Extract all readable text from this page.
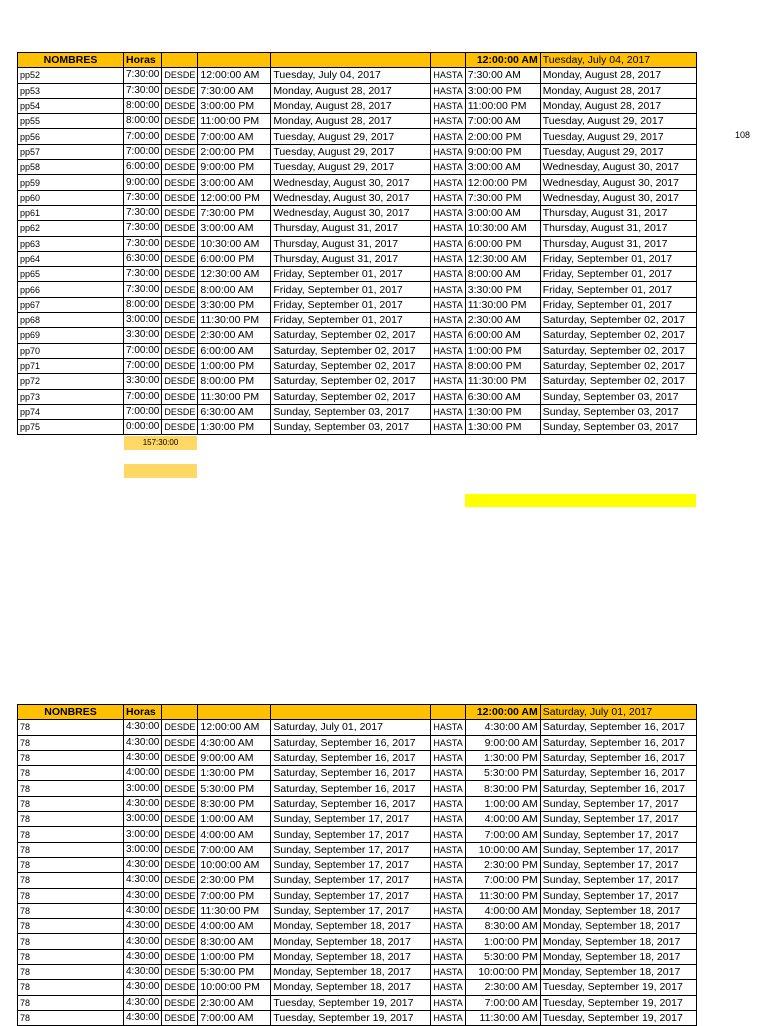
NOMBRES	Horas					12:00:00 AM	Tuesday, July 04, 2017
pp52	7:30:00	DESDE	12:00:00 AM	Tuesday, July 04, 2017	HASTA	7:30:00 AM	Monday, August 28, 2017
pp53	7:30:00	DESDE	7:30:00 AM	Monday, August 28, 2017	HASTA	3:00:00 PM	Monday, August 28, 2017
pp54	8:00:00	DESDE	3:00:00 PM	Monday, August 28, 2017	HASTA	11:00:00 PM	Monday, August 28, 2017
pp55	8:00:00	DESDE	11:00:00 PM	Monday, August 28, 2017	HASTA	7:00:00 AM	Tuesday, August 29, 2017
pp56	7:00:00	DESDE	7:00:00 AM	Tuesday, August 29, 2017	HASTA	2:00:00 PM	Tuesday, August 29, 2017
pp57	7:00:00	DESDE	2:00:00 PM	Tuesday, August 29, 2017	HASTA	9:00:00 PM	Tuesday, August 29, 2017
pp58	6:00:00	DESDE	9:00:00 PM	Tuesday, August 29, 2017	HASTA	3:00:00 AM	Wednesday, August 30, 2017
pp59	9:00:00	DESDE	3:00:00 AM	Wednesday, August 30, 2017	HASTA	12:00:00 PM	Wednesday, August 30, 2017
pp60	7:30:00	DESDE	12:00:00 PM	Wednesday, August 30, 2017	HASTA	7:30:00 PM	Wednesday, August 30, 2017
pp61	7:30:00	DESDE	7:30:00 PM	Wednesday, August 30, 2017	HASTA	3:00:00 AM	Thursday, August 31, 2017
pp62	7:30:00	DESDE	3:00:00 AM	Thursday, August 31, 2017	HASTA	10:30:00 AM	Thursday, August 31, 2017
pp63	7:30:00	DESDE	10:30:00 AM	Thursday, August 31, 2017	HASTA	6:00:00 PM	Thursday, August 31, 2017
pp64	6:30:00	DESDE	6:00:00 PM	Thursday, August 31, 2017	HASTA	12:30:00 AM	Friday, September 01, 2017
pp65	7:30:00	DESDE	12:30:00 AM	Friday, September 01, 2017	HASTA	8:00:00 AM	Friday, September 01, 2017
pp66	7:30:00	DESDE	8:00:00 AM	Friday, September 01, 2017	HASTA	3:30:00 PM	Friday, September 01, 2017
pp67	8:00:00	DESDE	3:30:00 PM	Friday, September 01, 2017	HASTA	11:30:00 PM	Friday, September 01, 2017
pp68	3:00:00	DESDE	11:30:00 PM	Friday, September 01, 2017	HASTA	2:30:00 AM	Saturday, September 02, 2017
pp69	3:30:00	DESDE	2:30:00 AM	Saturday, September 02, 2017	HASTA	6:00:00 AM	Saturday, September 02, 2017
pp70	7:00:00	DESDE	6:00:00 AM	Saturday, September 02, 2017	HASTA	1:00:00 PM	Saturday, September 02, 2017
pp71	7:00:00	DESDE	1:00:00 PM	Saturday, September 02, 2017	HASTA	8:00:00 PM	Saturday, September 02, 2017
pp72	3:30:00	DESDE	8:00:00 PM	Saturday, September 02, 2017	HASTA	11:30:00 PM	Saturday, September 02, 2017
pp73	7:00:00	DESDE	11:30:00 PM	Saturday, September 02, 2017	HASTA	6:30:00 AM	Sunday, September 03, 2017
pp74	7:00:00	DESDE	6:30:00 AM	Sunday, September 03, 2017	HASTA	1:30:00 PM	Sunday, September 03, 2017
pp75	0:00:00	DESDE	1:30:00 PM	Sunday, September 03, 2017	HASTA	1:30:00 PM	Sunday, September 03, 2017
108
157:30:00
NONBRES	Horas					12:00:00 AM	Saturday, July 01, 2017
78	4:30:00	DESDE	12:00:00 AM	Saturday, July 01, 2017	HASTA	4:30:00 AM	Saturday, September 16, 2017
78	4:30:00	DESDE	4:30:00 AM	Saturday, September 16, 2017	HASTA	9:00:00 AM	Saturday, September 16, 2017
78	4:30:00	DESDE	9:00:00 AM	Saturday, September 16, 2017	HASTA	1:30:00 PM	Saturday, September 16, 2017
78	4:00:00	DESDE	1:30:00 PM	Saturday, September 16, 2017	HASTA	5:30:00 PM	Saturday, September 16, 2017
78	3:00:00	DESDE	5:30:00 PM	Saturday, September 16, 2017	HASTA	8:30:00 PM	Saturday, September 16, 2017
78	4:30:00	DESDE	8:30:00 PM	Saturday, September 16, 2017	HASTA	1:00:00 AM	Sunday, September 17, 2017
78	3:00:00	DESDE	1:00:00 AM	Sunday, September 17, 2017	HASTA	4:00:00 AM	Sunday, September 17, 2017
78	3:00:00	DESDE	4:00:00 AM	Sunday, September 17, 2017	HASTA	7:00:00 AM	Sunday, September 17, 2017
78	3:00:00	DESDE	7:00:00 AM	Sunday, September 17, 2017	HASTA	10:00:00 AM	Sunday, September 17, 2017
78	4:30:00	DESDE	10:00:00 AM	Sunday, September 17, 2017	HASTA	2:30:00 PM	Sunday, September 17, 2017
78	4:30:00	DESDE	2:30:00 PM	Sunday, September 17, 2017	HASTA	7:00:00 PM	Sunday, September 17, 2017
78	4:30:00	DESDE	7:00:00 PM	Sunday, September 17, 2017	HASTA	11:30:00 PM	Sunday, September 17, 2017
78	4:30:00	DESDE	11:30:00 PM	Sunday, September 17, 2017	HASTA	4:00:00 AM	Monday, September 18, 2017
78	4:30:00	DESDE	4:00:00 AM	Monday, September 18, 2017	HASTA	8:30:00 AM	Monday, September 18, 2017
78	4:30:00	DESDE	8:30:00 AM	Monday, September 18, 2017	HASTA	1:00:00 PM	Monday, September 18, 2017
78	4:30:00	DESDE	1:00:00 PM	Monday, September 18, 2017	HASTA	5:30:00 PM	Monday, September 18, 2017
78	4:30:00	DESDE	5:30:00 PM	Monday, September 18, 2017	HASTA	10:00:00 PM	Monday, September 18, 2017
78	4:30:00	DESDE	10:00:00 PM	Monday, September 18, 2017	HASTA	2:30:00 AM	Tuesday, September 19, 2017
78	4:30:00	DESDE	2:30:00 AM	Tuesday, September 19, 2017	HASTA	7:00:00 AM	Tuesday, September 19, 2017
78	4:30:00	DESDE	7:00:00 AM	Tuesday, September 19, 2017	HASTA	11:30:00 AM	Tuesday, September 19, 2017
